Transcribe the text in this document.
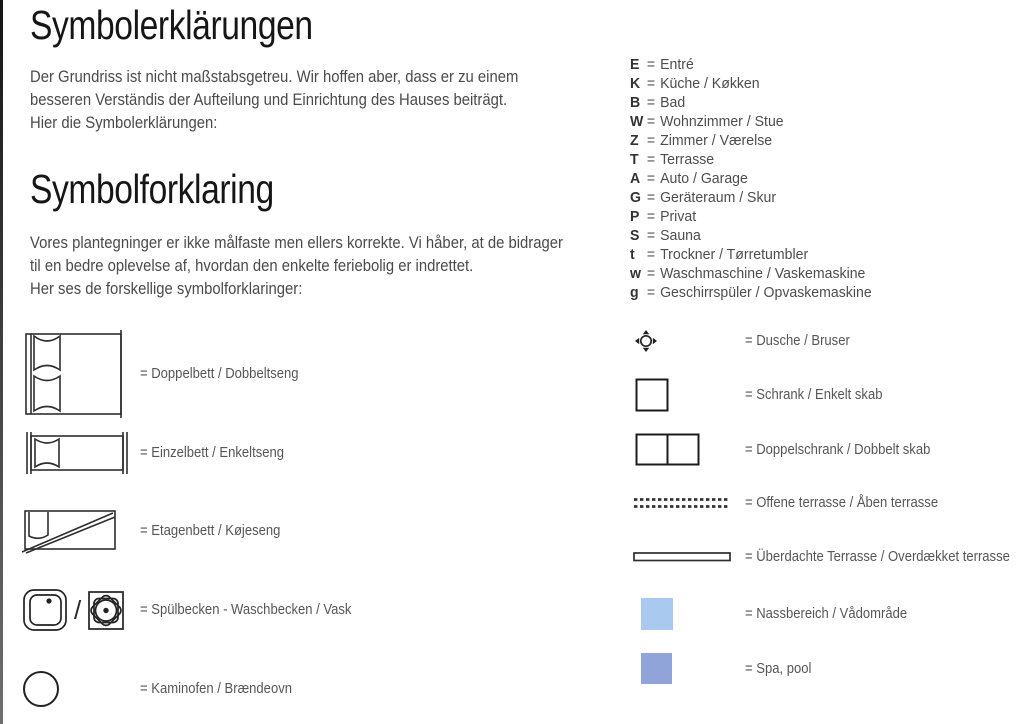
Symbolerklärungen
Der Grundriss ist nicht maßstabsgetreu. Wir hoffen aber, dass er zu einem
besseren Verständis der Aufteilung und Einrichtung des Hauses beiträgt.
Hier die Symbolerklärungen:
Symbolforklaring
Vores plantegninger er ikke målfaste men ellers korrekte. Vi håber, at de bidrager
til en bedre oplevelse af, hvordan den enkelte feriebolig er indrettet.
Her ses de forskellige symbolforklaringer:
E = Entré
K = Küche / Køkken
B = Bad
W = Wohnzimmer / Stue
Z = Zimmer / Værelse
T = Terrasse
A = Auto / Garage
G = Geräteraum / Skur
P = Privat
S = Sauna
t = Trockner / Tørretumbler
w = Waschmaschine / Vaskemaskine
g = Geschirrspüler / Opvaskemaskine
= Doppelbett / Dobbeltseng
= Einzelbett / Enkeltseng
= Etagenbett / Køjeseng
/	= Spülbecken - Waschbecken / Vask
= Kaminofen / Brændeovn
= Dusche / Bruser
= Schrank / Enkelt skab
= Doppelschrank / Dobbelt skab
= Offene terrasse / Åben terrasse
= Überdachte Terrasse / Overdækket terrasse
= Nassbereich / Vådområde
= Spa, pool
